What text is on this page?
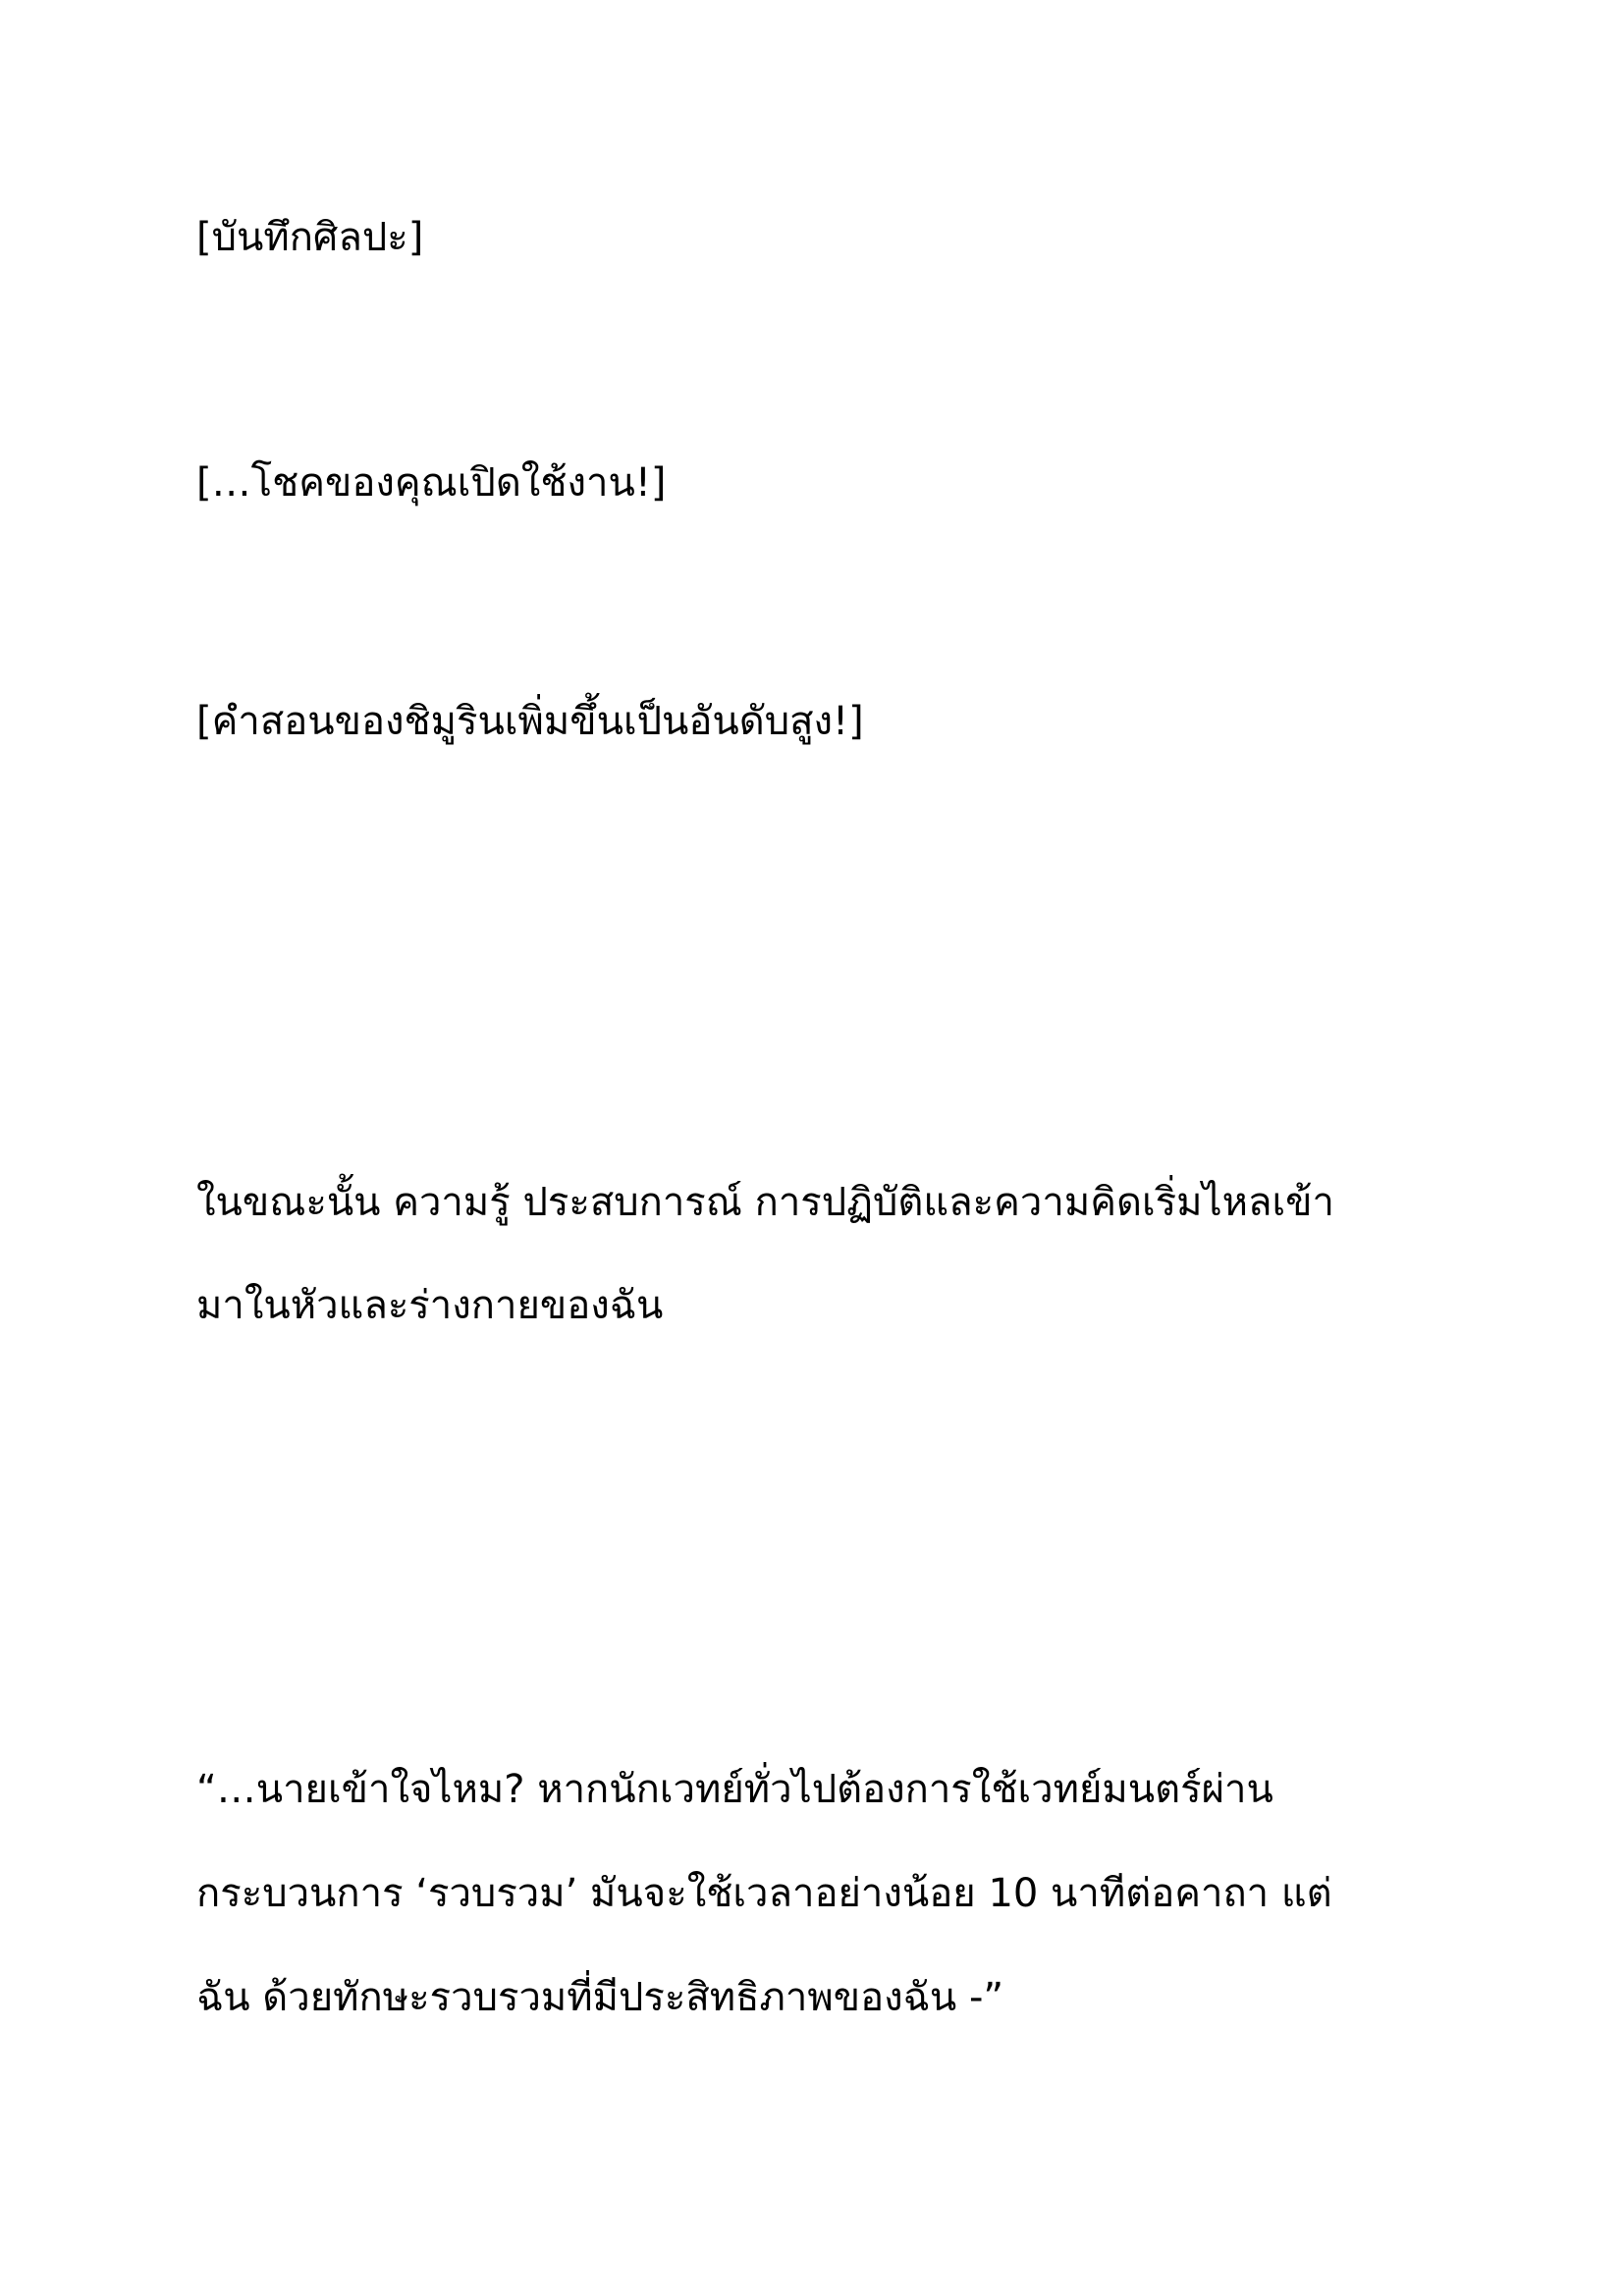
[บันทึกศิลปะ]
[…โชคของคุณเปิดใช้งาน!]
[คำสอนของชิมูรินเพิ่มขึ้นเป็นอันดับสูง!]
ในขณะนั้น ความรู้ ประสบการณ์ การปฏิบัติและความคิดเริ่มไหลเข้า
มาในหัวและร่างกายของฉัน
“…นายเข้าใจไหม? หากนักเวทย์ทั่วไปต้องการใช้เวทย์มนตร์ผ่าน
กระบวนการ ‘รวบรวม’ มันจะใช้เวลาอย่างน้อย 10 นาทีต่อคาถา แต่
ฉัน ด้วยทักษะรวบรวมที่มีประสิทธิภาพของฉัน -”
